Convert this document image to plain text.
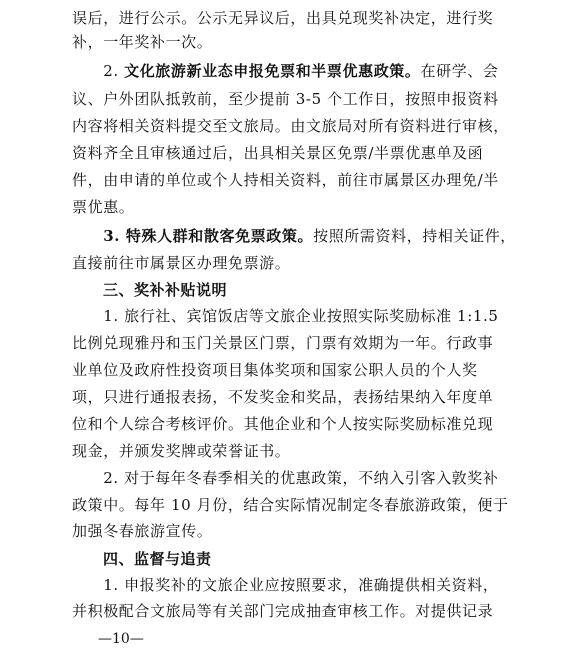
误后，进行公示。公示无异议后，出具兑现奖补决定，进行奖
补，一年奖补一次。
　　2. 文化旅游新业态申报免票和半票优惠政策。在研学、会
议、户外团队抵敦前，至少提前 3-5 个工作日，按照申报资料
内容将相关资料提交至文旅局。由文旅局对所有资料进行审核，
资料齐全且审核通过后，出具相关景区免票/半票优惠单及函
件，由申请的单位或个人持相关资料，前往市属景区办理免/半
票优惠。
　　3. 特殊人群和散客免票政策。按照所需资料，持相关证件，
直接前往市属景区办理免票游。
　　三、奖补补贴说明
　　1. 旅行社、宾馆饭店等文旅企业按照实际奖励标准 1:1.5
比例兑现雅丹和玉门关景区门票，门票有效期为一年。行政事
业单位及政府性投资项目集体奖项和国家公职人员的个人奖
项，只进行通报表扬，不发奖金和奖品，表扬结果纳入年度单
位和个人综合考核评价。其他企业和个人按实际奖励标准兑现
现金，并颁发奖牌或荣誉证书。
　　2. 对于每年冬春季相关的优惠政策，不纳入引客入敦奖补
政策中。每年 10 月份，结合实际情况制定冬春旅游政策，便于
加强冬春旅游宣传。
　　四、监督与追责
　　1. 申报奖补的文旅企业应按照要求，准确提供相关资料，
并积极配合文旅局等有关部门完成抽查审核工作。对提供记录
—10—
